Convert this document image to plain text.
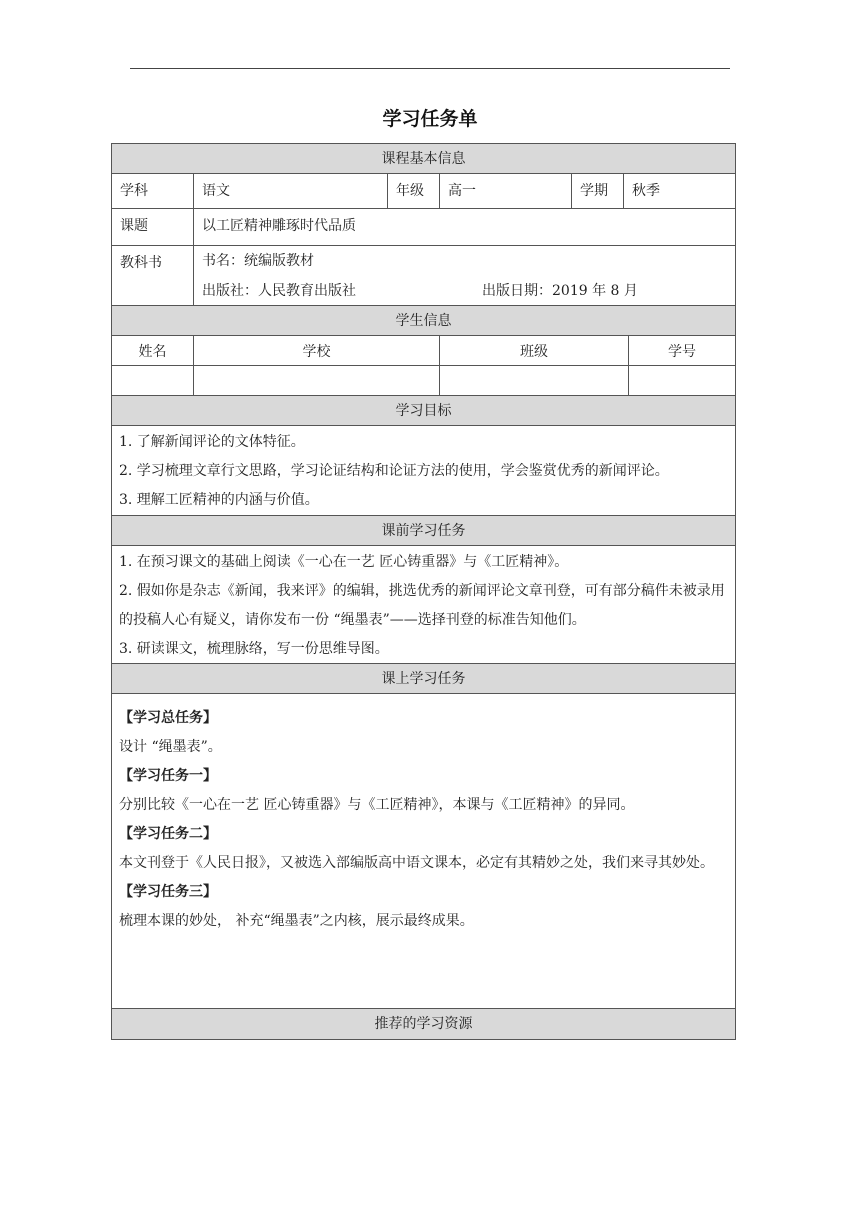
学习任务单
课程基本信息
学科	语文	年级	高一	学期	秋季
课题	以工匠精神雕琢时代品质
教科书	书名：统编版教材
出版社：人民教育出版社	出版日期：2019 年 8 月
学生信息
姓名	学校	班级	学号
学习目标

1. 了解新闻评论的文体特征。

2. 学习梳理文章行文思路，学习论证结构和论证方法的使用，学会鉴赏优秀的新闻评论。

3. 理解工匠精神的内涵与价值。

课前学习任务

1. 在预习课文的基础上阅读《一心在一艺 匠心铸重器》与《工匠精神》。

2. 假如你是杂志《新闻，我来评》的编辑，挑选优秀的新闻评论文章刊登，可有部分稿件未被录用的投稿人心有疑义，请你发布一份 “绳墨表”——选择刊登的标准告知他们。

3. 研读课文，梳理脉络，写一份思维导图。

课上学习任务

【学习总任务】

设计 “绳墨表”。

【学习任务一】

分别比较《一心在一艺 匠心铸重器》与《工匠精神》，本课与《工匠精神》的异同。

【学习任务二】

本文刊登于《人民日报》，又被选入部编版高中语文课本，必定有其精妙之处，我们来寻其妙处。

【学习任务三】

梳理本课的妙处， 补充“绳墨表”之内核，展示最终成果。

推荐的学习资源
